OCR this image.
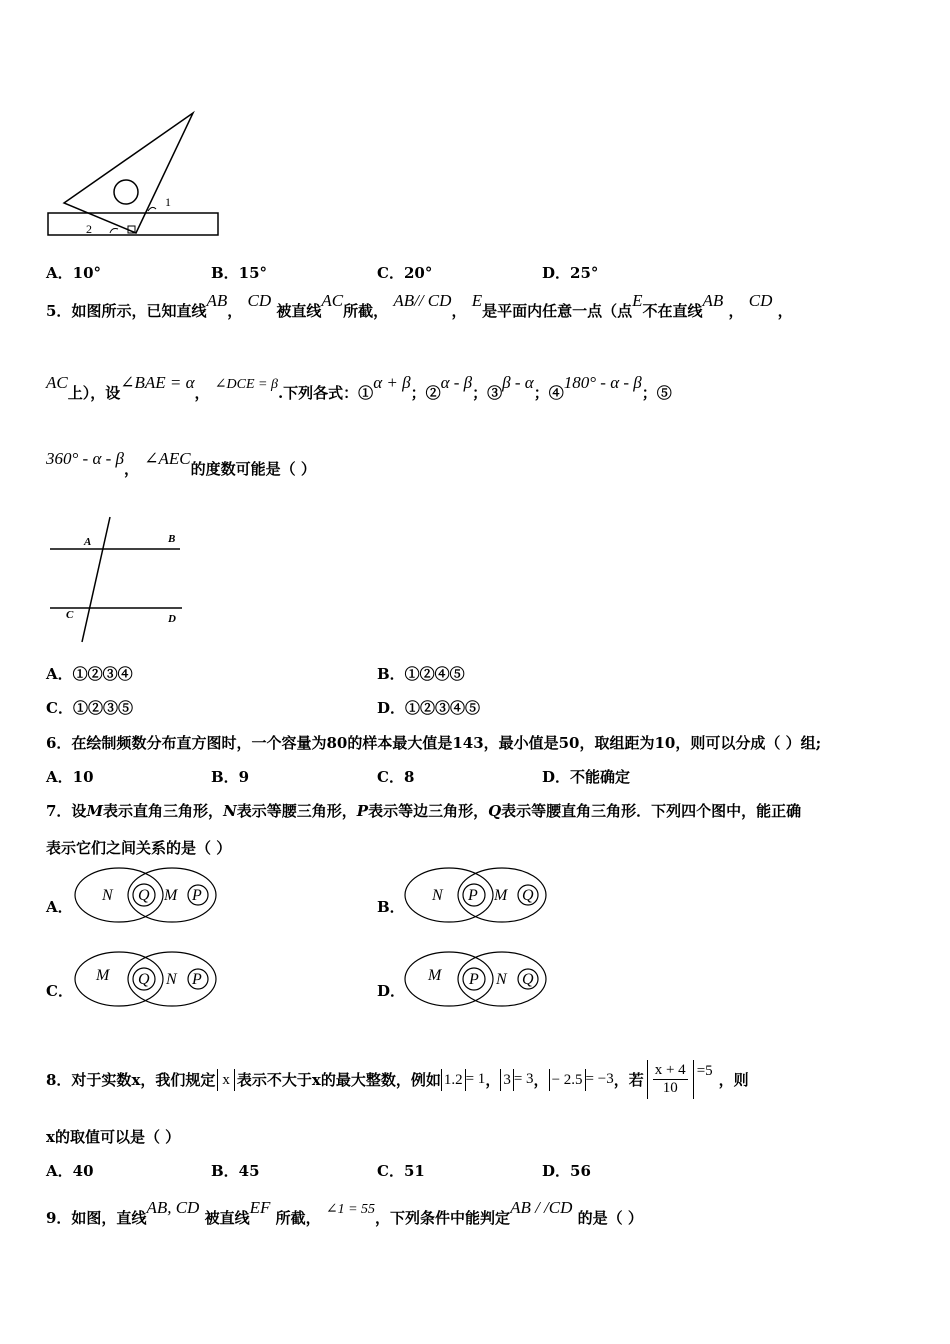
1
2
A．10°	B．15°	C．20°	D．25°
5．如图所示，已知直线AB， CD 被直线AC所截， AB// CD， E是平面内任意一点（点E不在直线AB ， CD ，
AC上），设∠BAE = α， ∠DCE = β.下列各式：①α + β；②α - β；③β - α；④180° - α - β；⑤
360° - α - β， ∠AEC的度数可能是（ ）
A	B
C	D
A．①②③④	B．①②④⑤
C．①②③⑤	D．①②③④⑤
6．在绘制频数分布直方图时，一个容量为80的样本最大值是143，最小值是50，取组距为10，则可以分成（ ）组;
A．10	B．9	C．8	D．不能确定
7．设M表示直角三角形，N表示等腰三角形，P表示等边三角形，Q表示等腰直角三角形．下列四个图中，能正确
表示它们之间关系的是（ ）
A．
N Q M P
B．
N P M Q
C．
M Q N P
D．
M P N Q
8．对于实数x，我们规定 x 表示不大于x的最大整数，例如 1.2 = 1 ， 3 = 3 ， − 2.5 = −3 ，若 $\frac{x + 4}{10} =5$ ，则
x的取值可以是（ ）
A．40	B．45	C．51	D．56
9．如图，直线AB, CD 被直线EF 所截， ∠1 = 55，下列条件中能判定AB / /CD 的是（ ）
